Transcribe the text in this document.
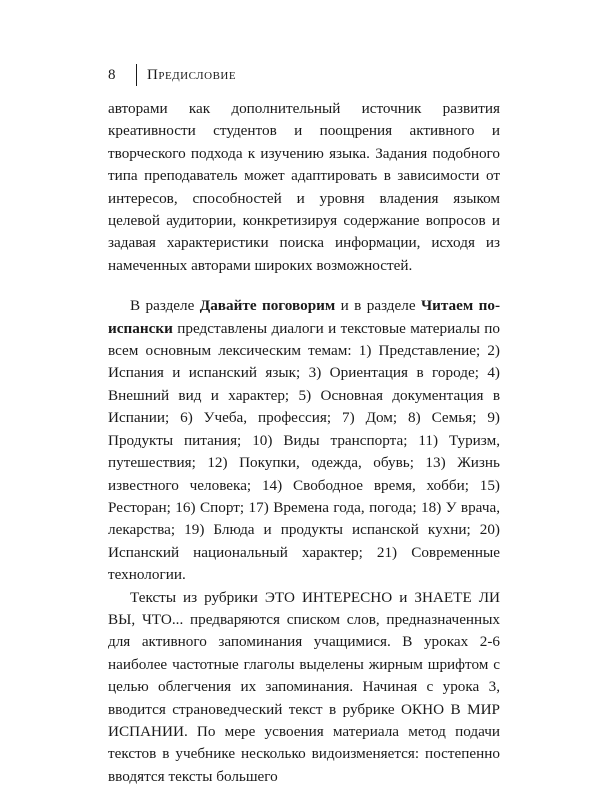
8	Предисловие

авторами как дополнительный источник развития креативности студентов и поощрения активного и творческого подхода к изучению языка. Задания подобного типа преподаватель может адаптировать в зависимости от интересов, способностей и уровня владения языком целевой аудитории, конкретизируя содержание вопросов и задавая характеристики поиска информации, исходя из намеченных авторами широких возможностей.

В разделе Давайте поговорим и в разделе Читаем по-испански представлены диалоги и текстовые материалы по всем основным лексическим темам: 1) Представление; 2) Испания и испанский язык; 3) Ориентация в городе; 4) Внешний вид и характер; 5) Основная документация в Испании; 6) Учеба, профессия; 7) Дом; 8) Семья; 9) Продукты питания; 10) Виды транспорта; 11) Туризм, путешествия; 12) Покупки, одежда, обувь; 13) Жизнь известного человека; 14) Свободное время, хобби; 15) Ресторан; 16) Спорт; 17) Времена года, погода; 18) У врача, лекарства; 19) Блюда и продукты испанской кухни; 20) Испанский национальный характер; 21) Современные технологии.

Тексты из рубрики ЭТО ИНТЕРЕСНО и ЗНАЕТЕ ЛИ ВЫ, ЧТО... предваряются списком слов, предназначенных для активного запоминания учащимися. В уроках 2-6 наиболее частотные глаголы выделены жирным шрифтом с целью облегчения их запоминания. Начиная с урока 3, вводится страноведческий текст в рубрике ОКНО В МИР ИСПАНИИ. По мере усвоения материала метод подачи текстов в учебнике несколько видоизменяется: постепенно вводятся тексты большего
